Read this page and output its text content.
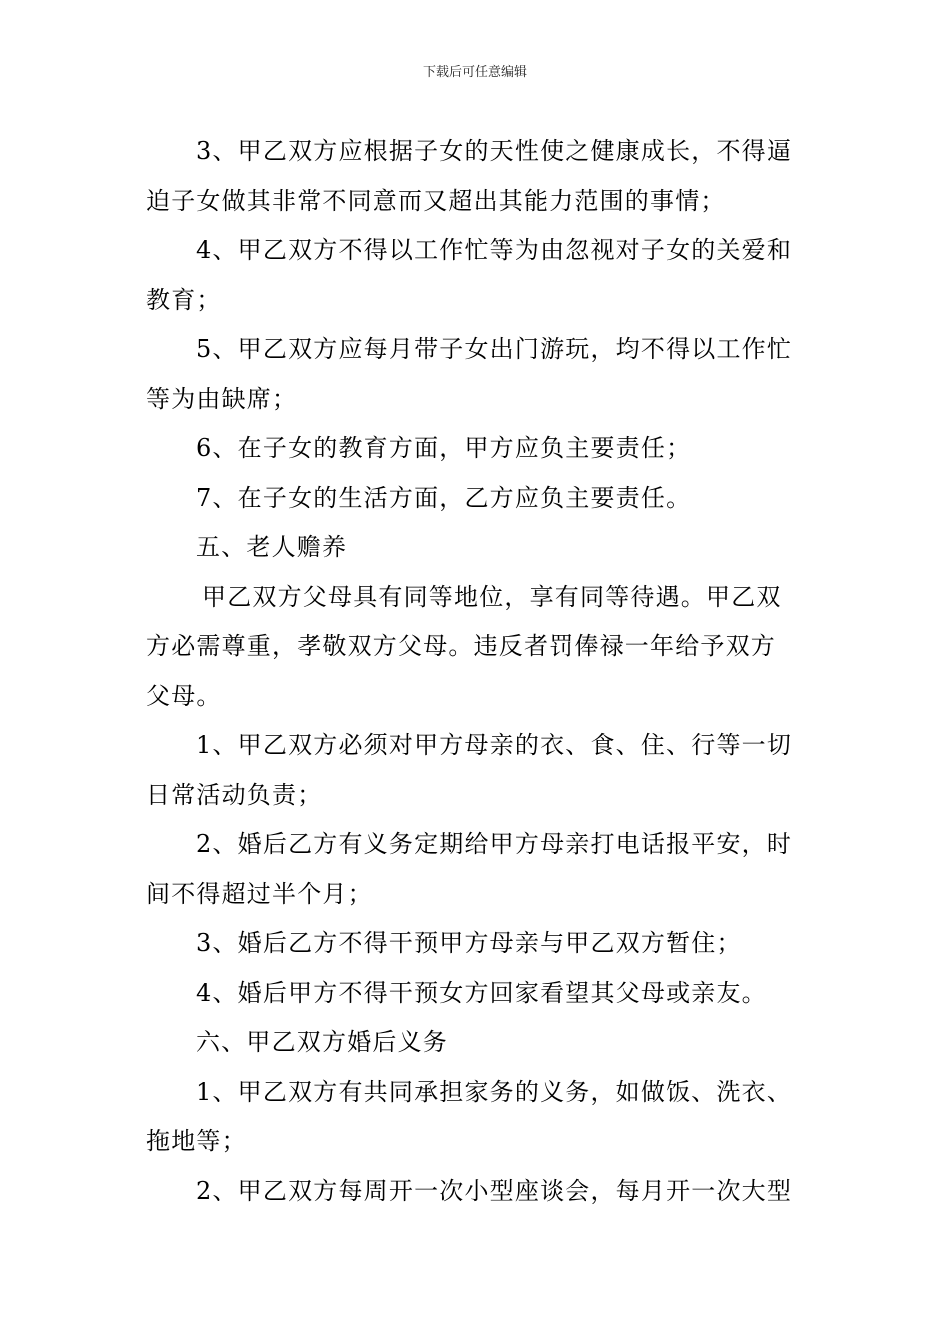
下载后可任意编辑

3、甲乙双方应根据子女的天性使之健康成长，不得逼

迫子女做其非常不同意而又超出其能力范围的事情；

4、甲乙双方不得以工作忙等为由忽视对子女的关爱和

教育；

5、甲乙双方应每月带子女出门游玩，均不得以工作忙

等为由缺席；

6、在子女的教育方面，甲方应负主要责任；

7、在子女的生活方面，乙方应负主要责任。

五、老人赡养

甲乙双方父母具有同等地位，享有同等待遇。甲乙双

方必需尊重，孝敬双方父母。违反者罚俸禄一年给予双方

父母。

1、甲乙双方必须对甲方母亲的衣、食、住、行等一切

日常活动负责；

2、婚后乙方有义务定期给甲方母亲打电话报平安，时

间不得超过半个月；

3、婚后乙方不得干预甲方母亲与甲乙双方暂住；

4、婚后甲方不得干预女方回家看望其父母或亲友。

六、甲乙双方婚后义务

1、甲乙双方有共同承担家务的义务，如做饭、洗衣、

拖地等；

2、甲乙双方每周开一次小型座谈会，每月开一次大型
